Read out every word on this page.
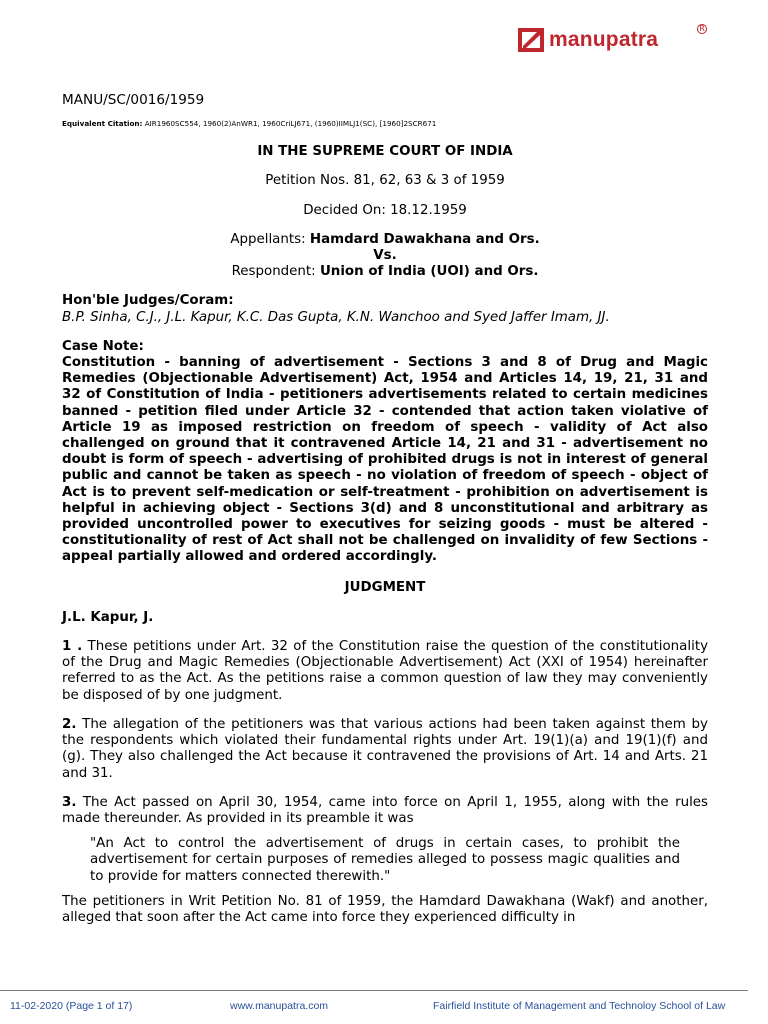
manupatra	R
MANU/SC/0016/1959
Equivalent Citation: AIR1960SC554, 1960(2)AnWR1, 1960CriLJ671, (1960)IIMLJ1(SC), [1960]2SCR671
IN THE SUPREME COURT OF INDIA
Petition Nos. 81, 62, 63 & 3 of 1959
Decided On: 18.12.1959
Appellants: Hamdard Dawakhana and Ors.
Vs.
Respondent: Union of India (UOI) and Ors.
Hon'ble Judges/Coram:
B.P. Sinha, C.J., J.L. Kapur, K.C. Das Gupta, K.N. Wanchoo and Syed Jaffer Imam, JJ.
Case Note:
Constitution - banning of advertisement - Sections 3 and 8 of Drug and Magic Remedies (Objectionable Advertisement) Act, 1954 and Articles 14, 19, 21, 31 and 32 of Constitution of India - petitioners advertisements related to certain medicines banned - petition filed under Article 32 - contended that action taken violative of Article 19 as imposed restriction on freedom of speech - validity of Act also challenged on ground that it contravened Article 14, 21 and 31 - advertisement no doubt is form of speech - advertising of prohibited drugs is not in interest of general public and cannot be taken as speech - no violation of freedom of speech - object of Act is to prevent self-medication or self-treatment - prohibition on advertisement is helpful in achieving object - Sections 3(d) and 8 unconstitutional and arbitrary as provided uncontrolled power to executives for seizing goods - must be altered - constitutionality of rest of Act shall not be challenged on invalidity of few Sections - appeal partially allowed and ordered accordingly.
JUDGMENT
J.L. Kapur, J.
1 . These petitions under Art. 32 of the Constitution raise the question of the constitutionality of the Drug and Magic Remedies (Objectionable Advertisement) Act (XXI of 1954) hereinafter referred to as the Act. As the petitions raise a common question of law they may conveniently be disposed of by one judgment.
2. The allegation of the petitioners was that various actions had been taken against them by the respondents which violated their fundamental rights under Art. 19(1)(a) and 19(1)(f) and (g). They also challenged the Act because it contravened the provisions of Art. 14 and Arts. 21 and 31.
3. The Act passed on April 30, 1954, came into force on April 1, 1955, along with the rules made thereunder. As provided in its preamble it was
"An Act to control the advertisement of drugs in certain cases, to prohibit the advertisement for certain purposes of remedies alleged to possess magic qualities and to provide for matters connected therewith."
The petitioners in Writ Petition No. 81 of 1959, the Hamdard Dawakhana (Wakf) and another, alleged that soon after the Act came into force they experienced difficulty in
11-02-2020 (Page 1 of 17)	www.manupatra.com	Fairfield Institute of Management and Technoloy School of Law
